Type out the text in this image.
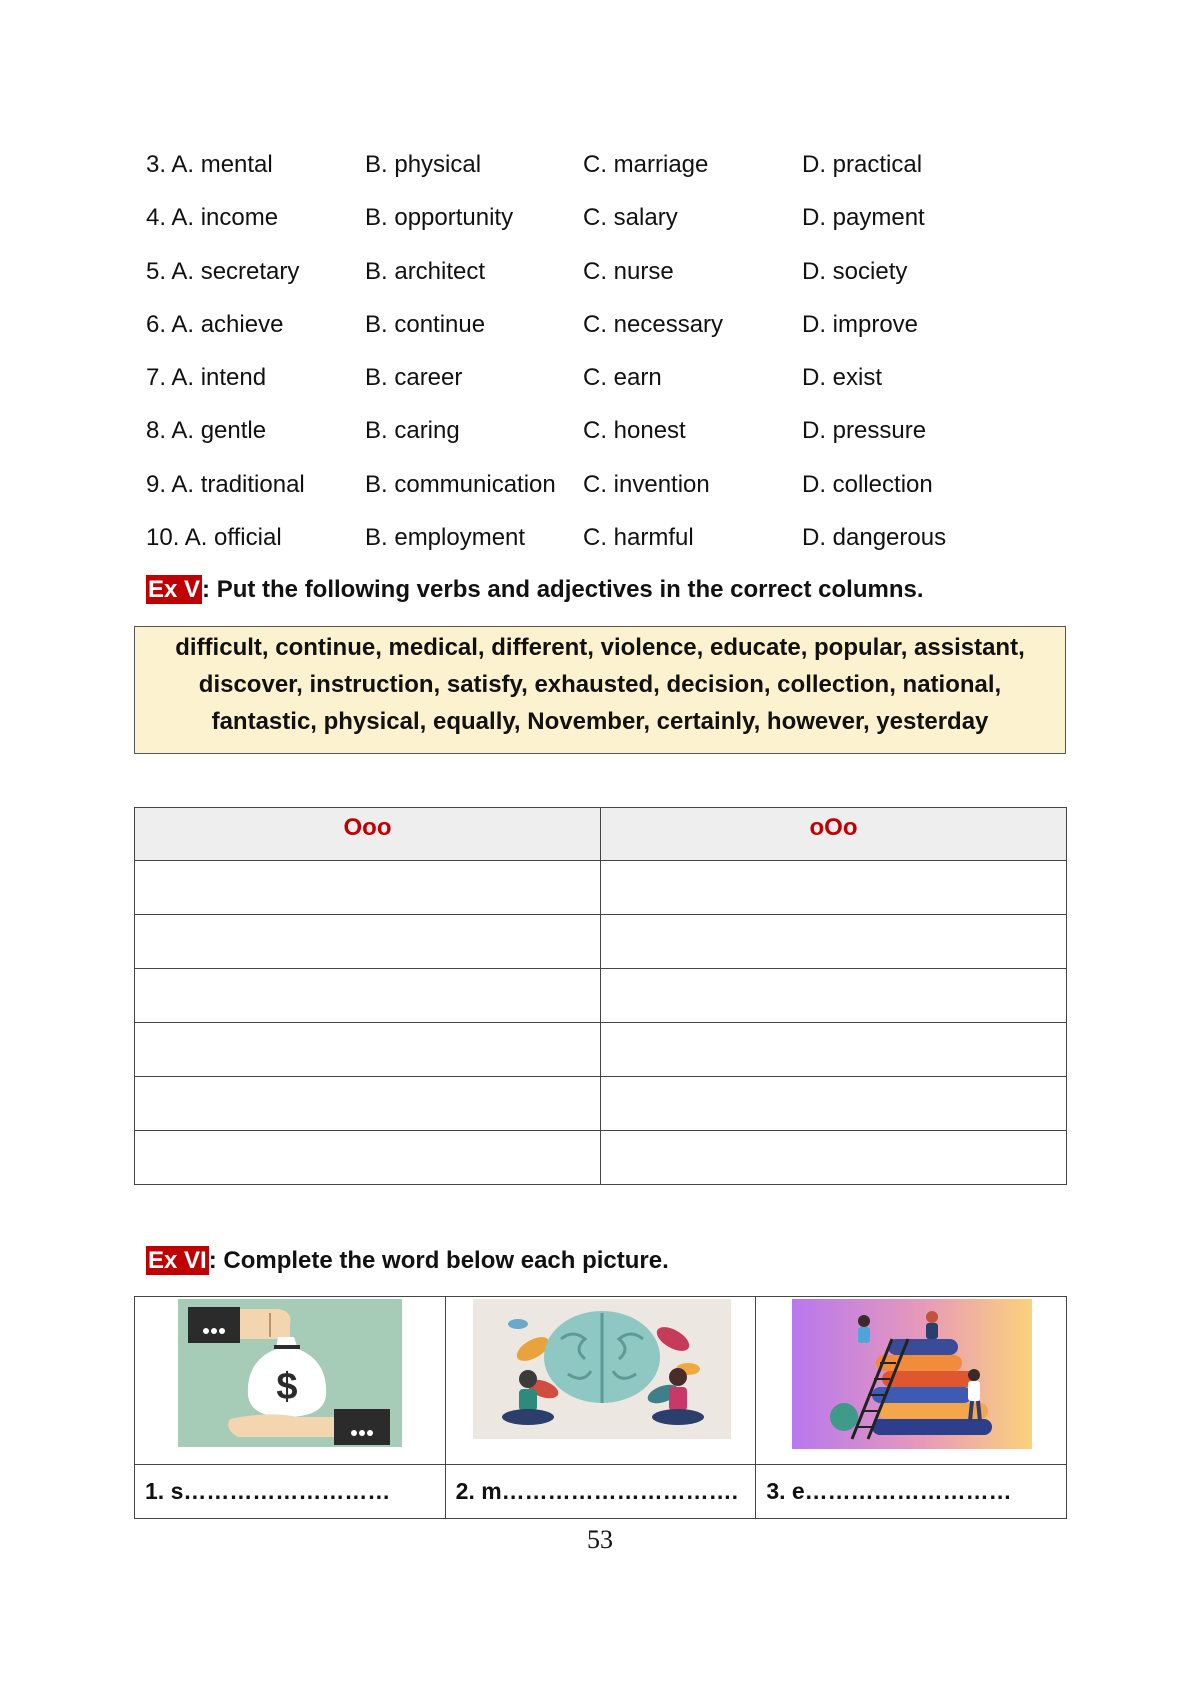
3. A. mental	B. physical	C. marriage	D. practical
4. A. income	B. opportunity	C. salary	D. payment
5. A. secretary	B. architect	C. nurse	D. society
6. A. achieve	B. continue	C. necessary	D. improve
7. A. intend	B. career	C. earn	D. exist
8. A. gentle	B. caring	C. honest	D. pressure
9. A. traditional	B. communication C. invention	D. collection
10. A. official	B. employment C. harmful	D. dangerous
Ex V: Put the following verbs and adjectives in the correct columns.
difficult, continue, medical, different, violence, educate, popular, assistant,
discover, instruction, satisfy, exhausted, decision, collection, national,
fantastic, physical, equally, November, certainly, however, yesterday
Ooo	oOo

Ex VI: Complete the word below each picture.
$

1. s………………………	2. m………………………….	3. e………………………
53
